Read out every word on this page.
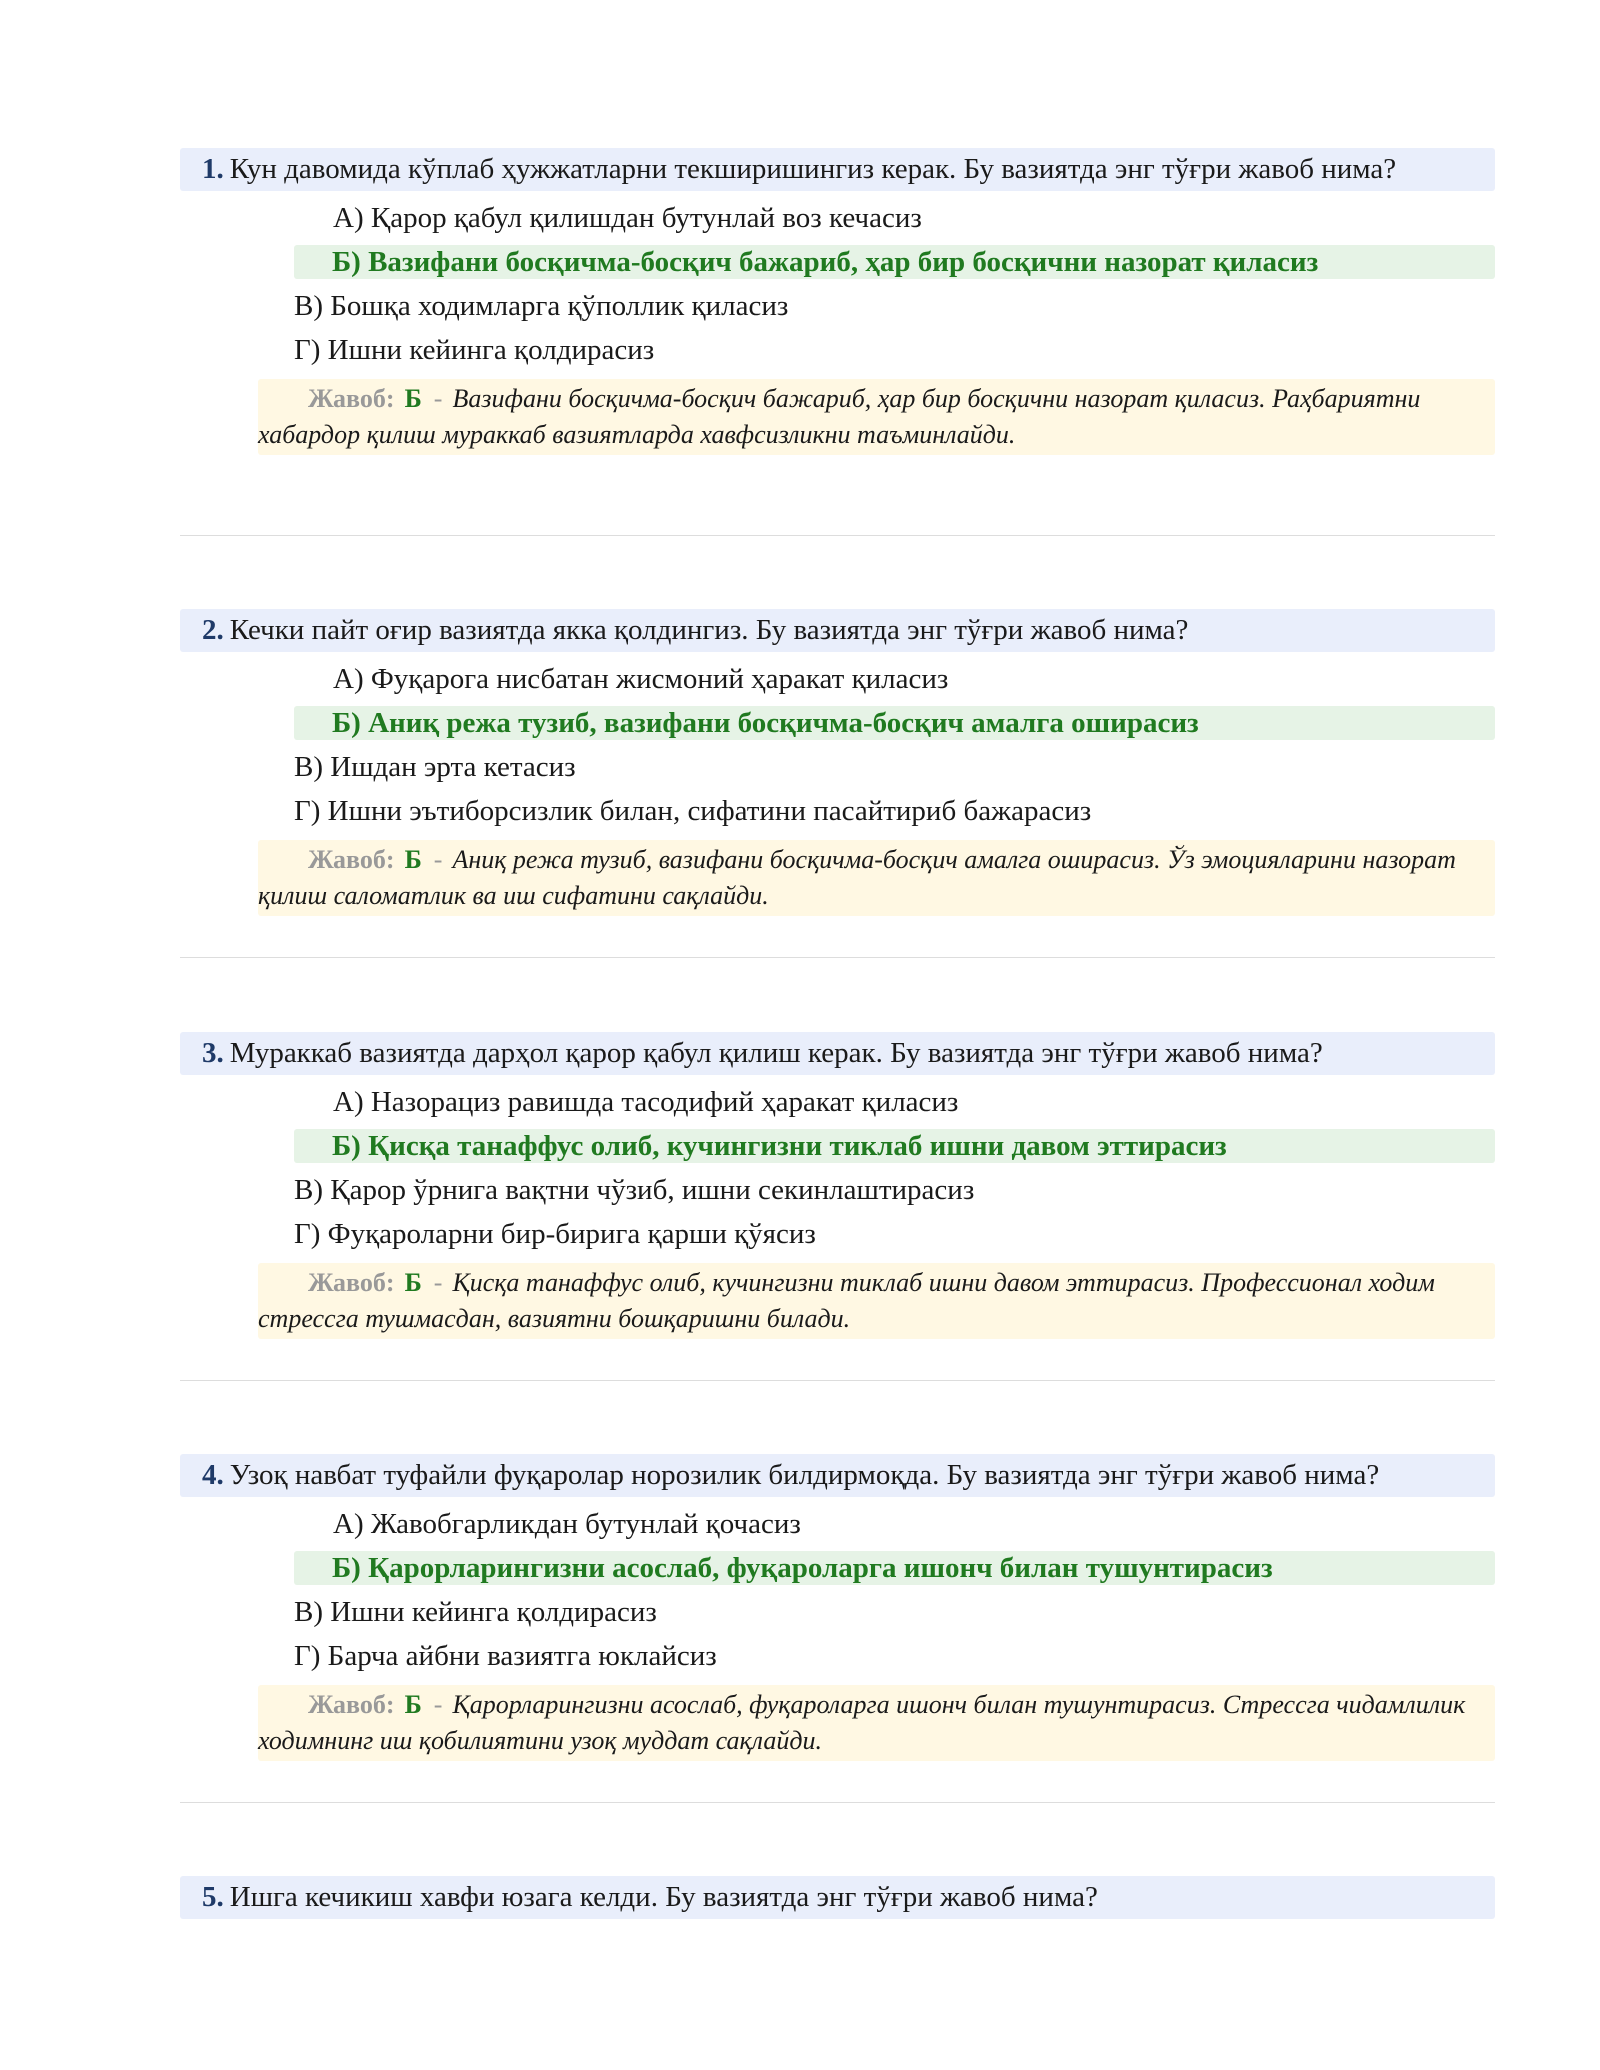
1. Кун давомида кўплаб ҳужжатларни текширишингиз керак. Бу вазиятда энг тўғри жавоб нима?
А) Қарор қабул қилишдан бутунлай воз кечасиз
Б) Вазифани босқичма-босқич бажариб, ҳар бир босқични назорат қиласиз
В) Бошқа ходимларга қўполлик қиласиз
Г) Ишни кейинга қолдирасиз
Жавоб: Б - Вазифани босқичма-босқич бажариб, ҳар бир босқични назорат қиласиз. Раҳбариятни хабардор қилиш мураккаб вазиятларда хавфсизликни таъминлайди.
2. Кечки пайт оғир вазиятда якка қолдингиз. Бу вазиятда энг тўғри жавоб нима?
А) Фуқарога нисбатан жисмоний ҳаракат қиласиз
Б) Аниқ режа тузиб, вазифани босқичма-босқич амалга оширасиз
В) Ишдан эрта кетасиз
Г) Ишни эътиборсизлик билан, сифатини пасайтириб бажарасиз
Жавоб: Б - Аниқ режа тузиб, вазифани босқичма-босқич амалга оширасиз. Ўз эмоцияларини назорат қилиш саломатлик ва иш сифатини сақлайди.
3. Мураккаб вазиятда дарҳол қарор қабул қилиш керак. Бу вазиятда энг тўғри жавоб нима?
А) Назорациз равишда тасодифий ҳаракат қиласиз
Б) Қисқа танаффус олиб, кучингизни тиклаб ишни давом эттирасиз
В) Қарор ўрнига вақтни чўзиб, ишни секинлаштирасиз
Г) Фуқароларни бир-бирига қарши қўясиз
Жавоб: Б - Қисқа танаффус олиб, кучингизни тиклаб ишни давом эттирасиз. Профессионал ходим стрессга тушмасдан, вазиятни бошқаришни билади.
4. Узоқ навбат туфайли фуқаролар норозилик билдирмоқда. Бу вазиятда энг тўғри жавоб нима?
А) Жавобгарликдан бутунлай қочасиз
Б) Қарорларингизни асослаб, фуқароларга ишонч билан тушунтирасиз
В) Ишни кейинга қолдирасиз
Г) Барча айбни вазиятга юклайсиз
Жавоб: Б - Қарорларингизни асослаб, фуқароларга ишонч билан тушунтирасиз. Стрессга чидамлилик ходимнинг иш қобилиятини узоқ муддат сақлайди.
5. Ишга кечикиш хавфи юзага келди. Бу вазиятда энг тўғри жавоб нима?
